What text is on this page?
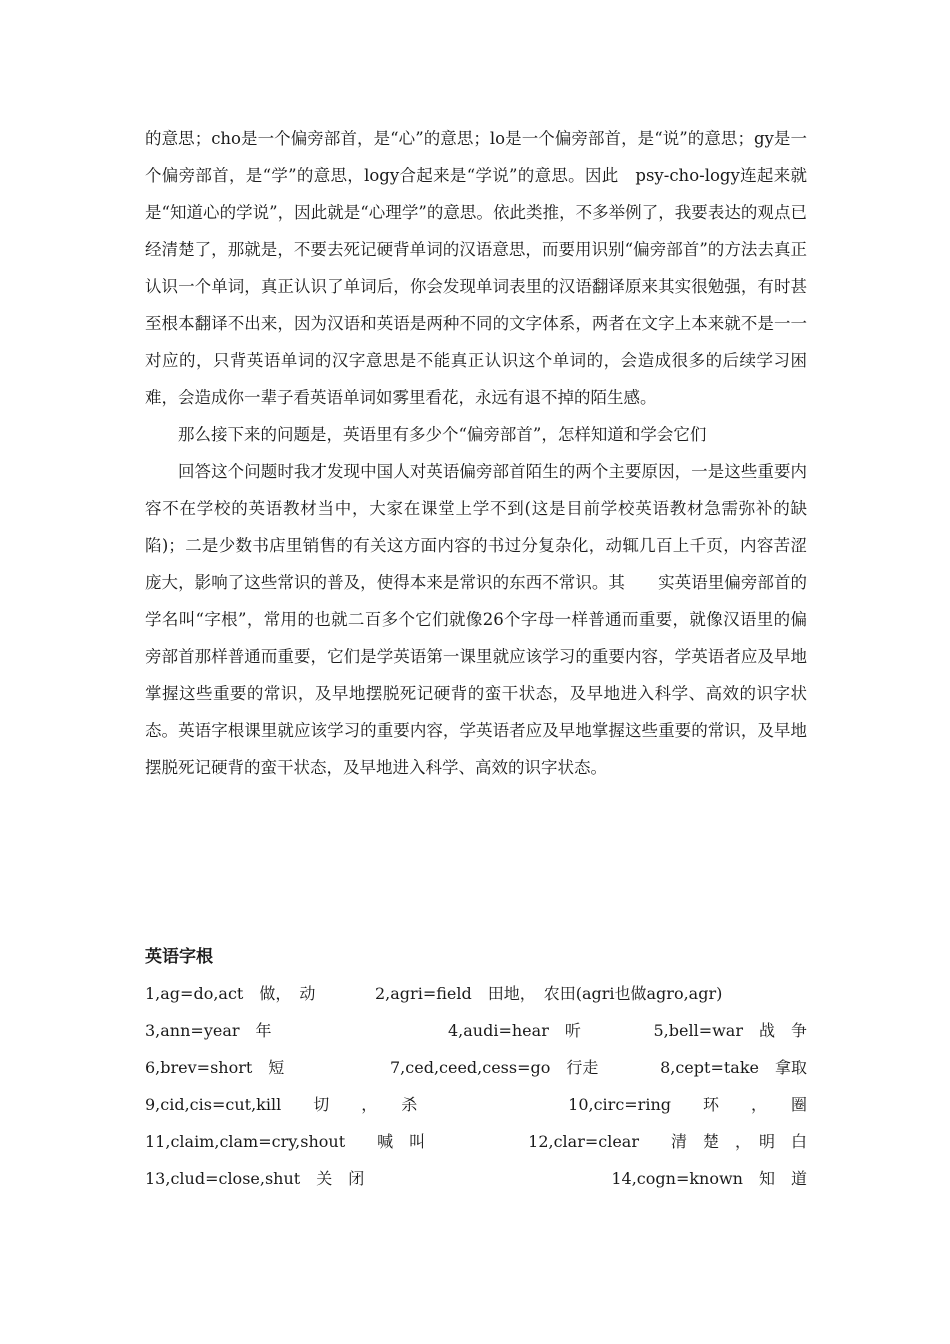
的意思；cho是一个偏旁部首，是“心”的意思；lo是一个偏旁部首，是“说”的意思；gy是一个偏旁部首，是“学”的意思，logy合起来是“学说”的意思。因此　psy-cho-logy连起来就是“知道心的学说”，因此就是“心理学”的意思。依此类推，不多举例了，我要表达的观点已经清楚了，那就是，不要去死记硬背单词的汉语意思，而要用识别“偏旁部首”的方法去真正认识一个单词，真正认识了单词后，你会发现单词表里的汉语翻译原来其实很勉强，有时甚至根本翻译不出来，因为汉语和英语是两种不同的文字体系，两者在文字上本来就不是一一对应的，只背英语单词的汉字意思是不能真正认识这个单词的，会造成很多的后续学习困难，会造成你一辈子看英语单词如雾里看花，永远有退不掉的陌生感。

那么接下来的问题是，英语里有多少个“偏旁部首”，怎样知道和学会它们

回答这个问题时我才发现中国人对英语偏旁部首陌生的两个主要原因，一是这些重要内容不在学校的英语教材当中，大家在课堂上学不到(这是目前学校英语教材急需弥补的缺陷)；二是少数书店里销售的有关这方面内容的书过分复杂化，动辄几百上千页，内容苦涩庞大，影响了这些常识的普及，使得本来是常识的东西不常识。其　　实英语里偏旁部首的学名叫“字根”，常用的也就二百多个它们就像26个字母一样普通而重要，就像汉语里的偏旁部首那样普通而重要，它们是学英语第一课里就应该学习的重要内容，学英语者应及早地掌握这些重要的常识，及早地摆脱死记硬背的蛮干状态，及早地进入科学、高效的识字状态。英语字根课里就应该学习的重要内容，学英语者应及早地掌握这些重要的常识，及早地摆脱死记硬背的蛮干状态，及早地进入科学、高效的识字状态。

英语字根
1,ag=do,act　做，　动	2,agri=field　田地，　农田(agri也做agro,agr)
3,ann=year　年	4,audi=hear　听	5,bell=war　战　争
6,brev=short　短	7,ced,ceed,cess=go　行走	8,cept=take　拿取
9,cid,cis=cut,kill　　切　　，　　杀	10,circ=ring　　环　　，　　圈
11,claim,clam=cry,shout　　喊　叫	12,clar=clear　　清　楚　，　明　白
13,clud=close,shut　关　闭	14,cogn=known　知　道
